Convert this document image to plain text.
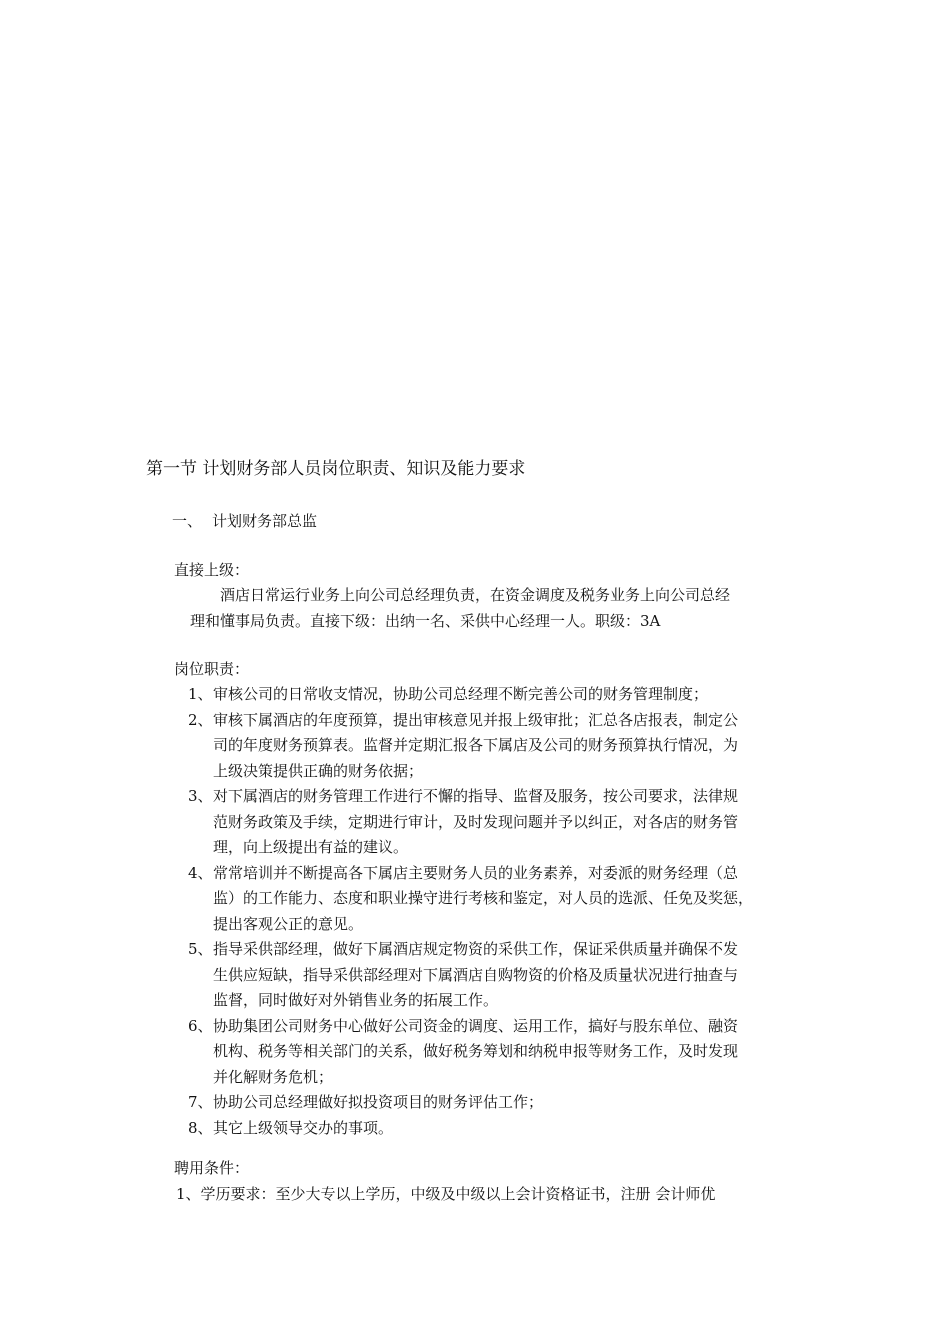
第一节 计划财务部人员岗位职责、知识及能力要求
一、 计划财务部总监
直接上级：
酒店日常运行业务上向公司总经理负责，在资金调度及税务业务上向公司总经
理和懂事局负责。直接下级：出纳一名、采供中心经理一人。职级：3A
岗位职责：
1、 审核公司的日常收支情况，协助公司总经理不断完善公司的财务管理制度；
2、 审核下属酒店的年度预算，提出审核意见并报上级审批；汇总各店报表，制定公
司的年度财务预算表。监督并定期汇报各下属店及公司的财务预算执行情况，为
上级决策提供正确的财务依据；
3、 对下属酒店的财务管理工作进行不懈的指导、监督及服务，按公司要求，法律规
范财务政策及手续，定期进行审计，及时发现问题并予以纠正，对各店的财务管
理，向上级提出有益的建议。
4、 常常培训并不断提高各下属店主要财务人员的业务素养，对委派的财务经理（总
监）的工作能力、态度和职业操守进行考核和鉴定，对人员的选派、任免及奖惩，
提出客观公正的意见。
5、 指导采供部经理，做好下属酒店规定物资的采供工作，保证采供质量并确保不发
生供应短缺，指导采供部经理对下属酒店自购物资的价格及质量状况进行抽查与
监督，同时做好对外销售业务的拓展工作。
6、 协助集团公司财务中心做好公司资金的调度、运用工作，搞好与股东单位、融资
机构、税务等相关部门的关系，做好税务筹划和纳税申报等财务工作，及时发现
并化解财务危机；
7、 协助公司总经理做好拟投资项目的财务评估工作；
8、 其它上级领导交办的事项。
聘用条件：
1、学历要求：至少大专以上学历，中级及中级以上会计资格证书，注册 会计师优
